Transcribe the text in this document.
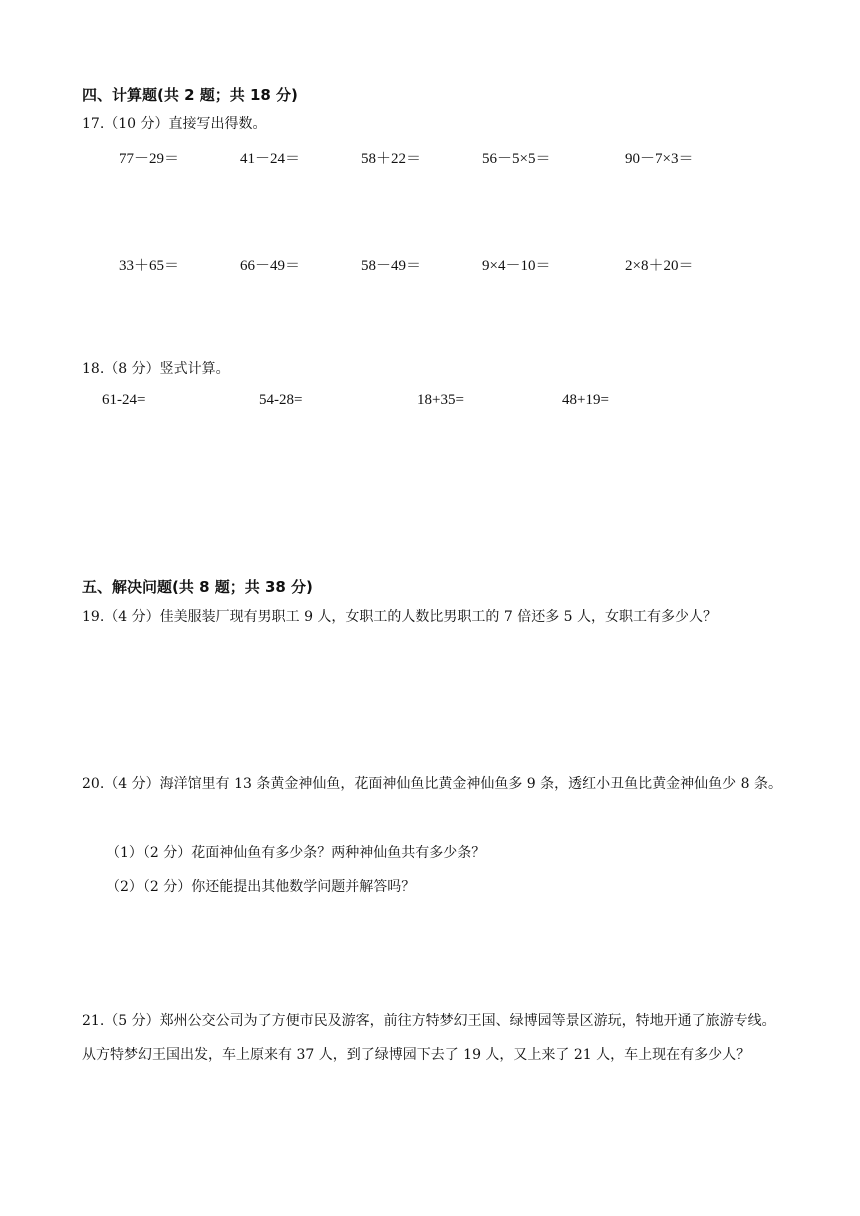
四、计算题(共 2 题；共 18 分)
17.（10 分）直接写出得数。
77－29＝	41－24＝	58＋22＝	56－5×5＝	90－7×3＝
33＋65＝	66－49＝	58－49＝	9×4－10＝	2×8＋20＝
18.（8 分）竖式计算。
61-24=	54-28=	18+35=	48+19=
五、解决问题(共 8 题；共 38 分)
19.（4 分）佳美服装厂现有男职工 9 人，女职工的人数比男职工的 7 倍还多 5 人，女职工有多少人？
20.（4 分）海洋馆里有 13 条黄金神仙鱼，花面神仙鱼比黄金神仙鱼多 9 条，透红小丑鱼比黄金神仙鱼少 8 条。
（1）（2 分）花面神仙鱼有多少条？两种神仙鱼共有多少条？
（2）（2 分）你还能提出其他数学问题并解答吗？
21.（5 分）郑州公交公司为了方便市民及游客，前往方特梦幻王国、绿博园等景区游玩，特地开通了旅游专线。从方特梦幻王国出发，车上原来有 37 人，到了绿博园下去了 19 人，又上来了 21 人，车上现在有多少人？
